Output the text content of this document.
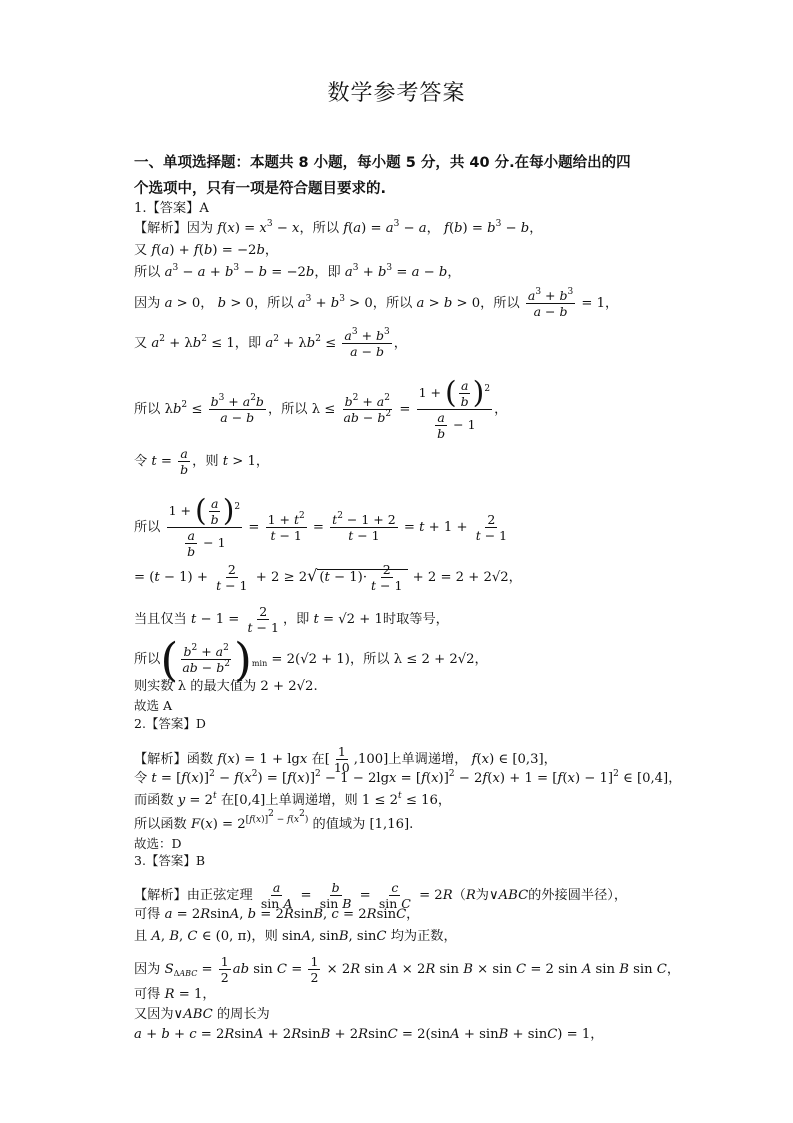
数学参考答案
一、单项选择题：本题共 8 小题，每小题 5 分，共 40 分.在每小题给出的四
个选项中，只有一项是符合题目要求的.
1.【答案】A
【解析】因为 $f(x) = x^3 - x$，所以 $f(a) = a^3 - a$， $f(b) = b^3 - b$，
又 f(a) + f(b) = −2b，
所以 $a^3 - a + b^3 - b = -2b$，即 $a^3 + b^3 = a - b$，
因为 a > 0， b > 0，所以 $a^3 + b^3 > 0$，所以 a > b > 0，所以 $\frac{a^3 + b^3}{a - b} = 1$，
又 $a^2 + \lambda b^2 \le 1$，即 $a^2 + \lambda b^2 \le \frac{a^3 + b^3}{a - b}$ ，
所以 $\lambda b^2 \le \frac{b^3 + a^2b}{a - b}$ ，所以 $\lambda \le \frac{b^2 + a^2}{ab - b^2} = \frac{1 + ( \frac{a}{b} )^2}{\frac{a}{b} - 1}$ ，
令 $t = \frac{a}{b}$ ，则 t > 1，
所以 $\frac{1 + ( \frac{a}{b} )^2}{\frac{a}{b} - 1} = \frac{1 + t^2}{t - 1} = \frac{t^2 - 1 + 2}{t - 1} = t + 1 + \frac{2}{t - 1}$
= $(t - 1) + \frac{2}{t - 1} + 2 \ge 2√$ $(t - 1)\cdot \frac{2}{t - 1} + 2 = 2 + 2√2$，
当且仅当 $t - 1 = \frac{2}{t - 1}$ ，即 t = √2 + 1时取等号，
所以( $\frac{b^2 + a^2}{ab - b^2} )_{min} = 2(√2 + 1)$，所以 λ ≤ 2 + 2√2，
则实数 λ 的最大值为 2 + 2√2.
故选 A
2.【答案】D
【解析】函数 f(x) = 1 + lgx 在[ $\frac{1}{10} ,100$]上单调递增， f(x) ∈ [0,3]，
令 $t = [f(x)]^2 - f(x^2) = [f(x)]^2 - 1 - 2\lg x = [f(x)]^2 - 2f(x) + 1 = [f(x) - 1]^2$ ∈ [0,4]，
而函数 $y = 2^t$ 在[0,4]上单调递增，则 $1 \le 2^t \le 16$，
所以函数 $F(x) = 2^{[f(x)]^2 - f(x^2)}$ 的值域为 [1,16].
故选：D
3.【答案】B
【解析】由正弦定理 $\frac{a}{\text{sin A}} = \frac{b}{\text{sin B}} = \frac{c}{\text{sin C}} = 2R(R$为∨ABC的外接圆半径），
可得 a = 2RsinA, b = 2RsinB, c = 2RsinC，
且 A, B, C ∈ (0, π)，则 sinA, sinB, sinC 均为正数，
因为 $S_{\Delta ABC} = \frac{1}{2}$ ab $\sin C = \frac{1}{2} \times 2R$ sin A × 2R sin B × sin C = 2 sin A sin B sin C，
可得 R = 1，
又因为∨ABC 的周长为
a + b + c = 2RsinA + 2RsinB + 2RsinC = 2(sinA + sinB + sinC) = 1，
